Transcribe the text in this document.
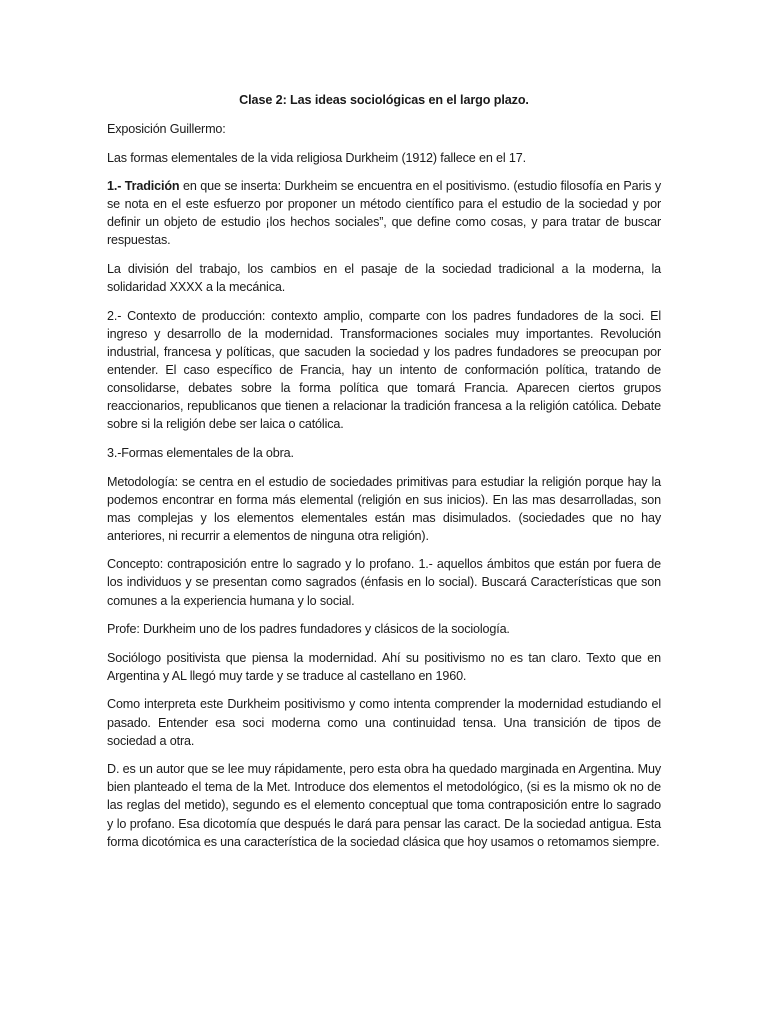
Clase 2: Las ideas sociológicas en el largo plazo.

Exposición Guillermo:

Las formas elementales de la vida religiosa Durkheim (1912) fallece en el 17.

1.- Tradición en que se inserta: Durkheim se encuentra en el positivismo. (estudio filosofía en Paris y se nota en el este esfuerzo por proponer un método científico para el estudio de la sociedad y por definir un objeto de estudio ¡los hechos sociales”, que define como cosas, y para tratar de buscar respuestas.

La división del trabajo, los cambios en el pasaje de la sociedad tradicional a la moderna, la solidaridad XXXX a la mecánica.

2.- Contexto de producción: contexto amplio, comparte con los padres fundadores de la soci. El ingreso y desarrollo de la modernidad. Transformaciones sociales muy importantes. Revolución industrial, francesa y políticas, que sacuden la sociedad y los padres fundadores se preocupan por entender. El caso específico de Francia, hay un intento de conformación política, tratando de consolidarse, debates sobre la forma política que tomará Francia. Aparecen ciertos grupos reaccionarios, republicanos que tienen a relacionar la tradición francesa a la religión católica. Debate sobre si la religión debe ser laica o católica.

3.-Formas elementales de la obra.

Metodología: se centra en el estudio de sociedades primitivas para estudiar la religión porque hay la podemos encontrar en forma más elemental (religión en sus inicios). En las mas desarrolladas, son mas complejas y los elementos elementales están mas disimulados. (sociedades que no hay anteriores, ni recurrir a elementos de ninguna otra religión).

Concepto: contraposición entre lo sagrado y lo profano. 1.- aquellos ámbitos que están por fuera de los individuos y se presentan como sagrados (énfasis en lo social). Buscará Características que son comunes a la experiencia humana y lo social.

Profe: Durkheim uno de los padres fundadores y clásicos de la sociología.

Sociólogo positivista que piensa la modernidad. Ahí su positivismo no es tan claro. Texto que en Argentina y AL llegó muy tarde y se traduce al castellano en 1960.

Como interpreta este Durkheim positivismo y como intenta comprender la modernidad estudiando el pasado. Entender esa soci moderna como una continuidad tensa. Una transición de tipos de sociedad a otra.

D. es un autor que se lee muy rápidamente, pero esta obra ha quedado marginada en Argentina. Muy bien planteado el tema de la Met. Introduce dos elementos el metodológico, (si es la mismo ok no de las reglas del metido), segundo es el elemento conceptual que toma contraposición entre lo sagrado y lo profano. Esa dicotomía que después le dará para pensar las caract. De la sociedad antigua. Esta forma dicotómica es una característica de la sociedad clásica que hoy usamos o retomamos siempre.
